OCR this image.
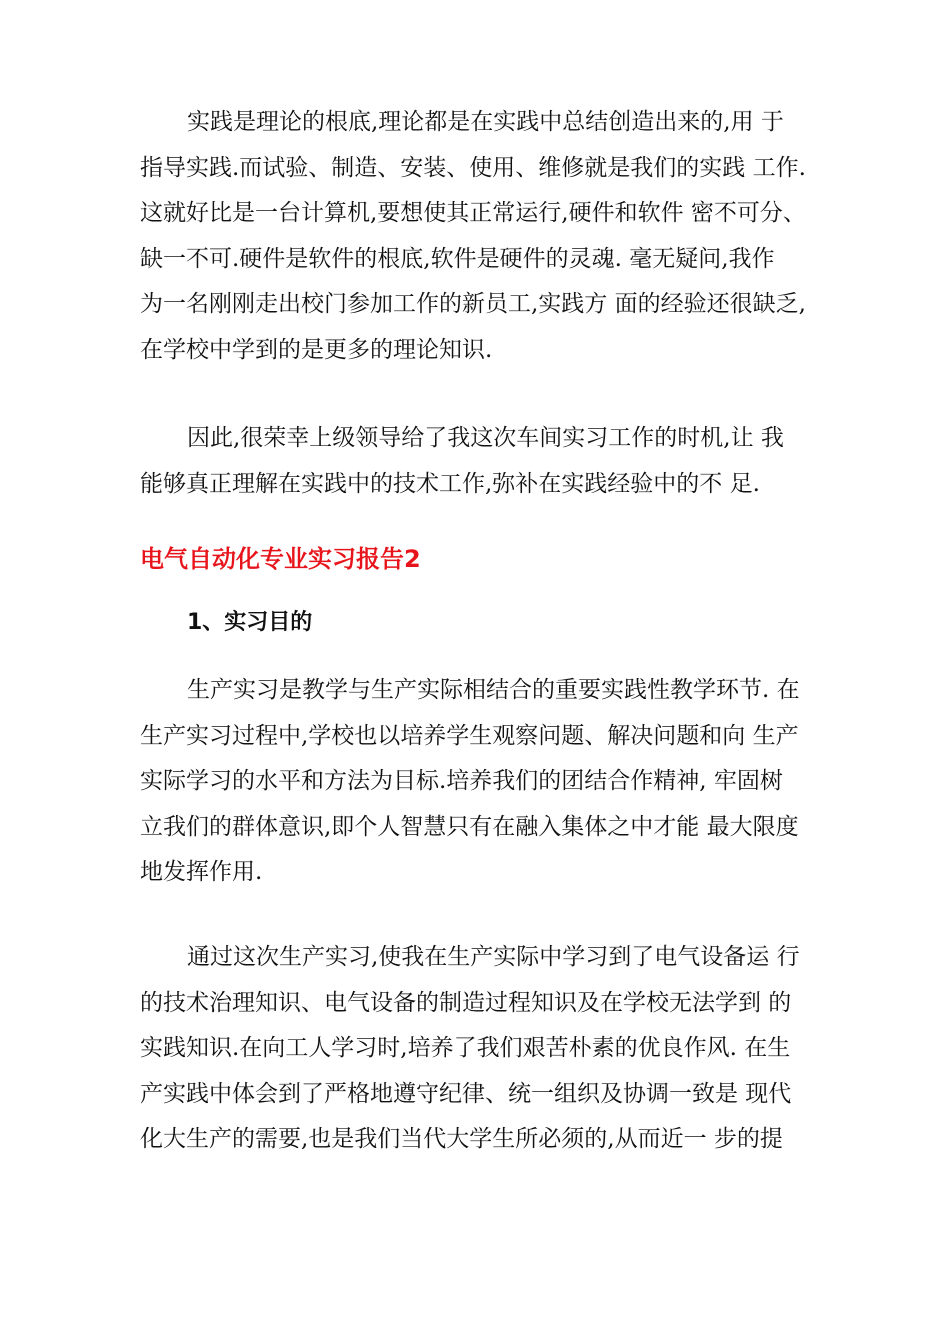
实践是理论的根底,理论都是在实践中总结创造出来的,用 于
指导实践.而试验、制造、安装、使用、维修就是我们的实践 工作.
这就好比是一台计算机,要想使其正常运行,硬件和软件 密不可分、
缺一不可.硬件是软件的根底,软件是硬件的灵魂. 毫无疑问,我作
为一名刚刚走出校门参加工作的新员工,实践方 面的经验还很缺乏,
在学校中学到的是更多的理论知识.
因此,很荣幸上级领导给了我这次车间实习工作的时机,让 我
能够真正理解在实践中的技术工作,弥补在实践经验中的不 足.
电气自动化专业实习报告2
1、实习目的
生产实习是教学与生产实际相结合的重要实践性教学环节. 在
生产实习过程中,学校也以培养学生观察问题、解决问题和向 生产
实际学习的水平和方法为目标.培养我们的团结合作精神, 牢固树
立我们的群体意识,即个人智慧只有在融入集体之中才能 最大限度
地发挥作用.
通过这次生产实习,使我在生产实际中学习到了电气设备运 行
的技术治理知识、电气设备的制造过程知识及在学校无法学到 的
实践知识.在向工人学习时,培养了我们艰苦朴素的优良作风. 在生
产实践中体会到了严格地遵守纪律、统一组织及协调一致是 现代
化大生产的需要,也是我们当代大学生所必须的,从而近一 步的提
